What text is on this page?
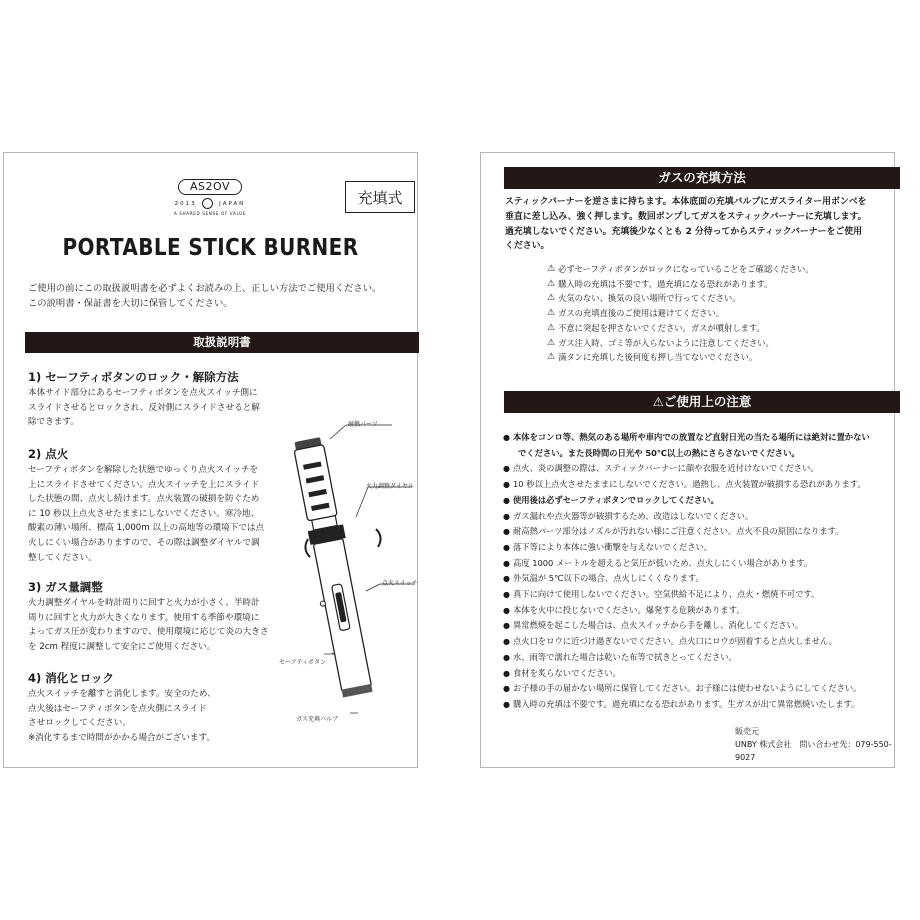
AS2OV
2013	JAPAN
A SHARED SENSE OF VALUE
充填式
PORTABLE STICK BURNER
ご使用の前にこの取扱説明書を必ずよくお読みの上、正しい方法でご使用ください。
この説明書・保証書を大切に保管してください。
取扱説明書
1) セーフティボタンのロック・解除方法
本体サイド部分にあるセーフティボタンを点火スイッチ側に
スライドさせるとロックされ、反対側にスライドさせると解
除できます。
2) 点火
セーフティボタンを解除した状態でゆっくり点火スイッチを
上にスライドさせてください。点火スイッチを上にスライド
した状態の間、点火し続けます。点火装置の破損を防ぐため
に 10 秒以上点火させたままにしないでください。寒冷地、
酸素の薄い場所、標高 1,000m 以上の高地等の環境下では点
火しにくい場合がありますので、その際は調整ダイヤルで調
整してください。
3) ガス量調整
火力調整ダイヤルを時計周りに回すと火力が小さく、半時計
周りに回すと火力が大きくなります。使用する季節や環境に
よってガス圧が変わりますので、使用環境に応じて炎の大きさ
を 2cm 程度に調整して安全にご使用ください。
4) 消化とロック
点火スイッチを離すと消化します。安全のため、
点火後はセーフティボタンを点火側にスライド
させロックしてください。
※消化するまで時間がかかる場合がございます。
耐熱パーツ
火力調整ダイヤル
点火スイッチ
セーフティボタン
ガス充填バルブ
ガスの充填方法
スティックバーナーを逆さまに持ちます。本体底面の充填バルブにガスライター用ボンベを
垂直に差し込み、強く押します。数回ポンプしてガスをスティックバーナーに充填します。
過充填しないでください。充填後少なくとも 2 分待ってからスティックバーナーをご使用
ください。
⚠ 必ずセーフティボタンがロックになっていることをご確認ください。
⚠ 購入時の充填は不要です。過充填になる恐れがあります。
⚠ 火気のない、換気の良い場所で行ってください。
⚠ ガスの充填直後のご使用は避けてください。
⚠ 不意に突起を押さないでください。ガスが噴射します。
⚠ ガス注入時、ゴミ等が入らないように注意してください。
⚠ 満タンに充填した後何度も押し当てないでください。
⚠ご使用上の注意
● 本体をコンロ等、熱気のある場所や車内での放置など直射日光の当たる場所には絶対に置かない
でください。また長時間の日光や 50℃以上の熱にさらさないでください。
● 点火、炎の調整の際は、スティックバーナーに顔や衣服を近付けないでください。
● 10 秒以上点火させたままにしないでください。過熱し、点火装置が破損する恐れがあります。
● 使用後は必ずセーフティボタンでロックしてください。
● ガス漏れや点火器等が破損するため、改造はしないでください。
● 耐高熱パーツ部分はノズルが汚れない様にご注意ください。点火不良の原因になります。
● 落下等により本体に強い衝撃を与えないでください。
● 高度 1000 メートルを超えると気圧が低いため、点火しにくい場合があります。
● 外気温が 5℃以下の場合、点火しにくくなります。
● 真下に向けて使用しないでください。空気供給不足により、点火・燃焼不可です。
● 本体を火中に投じないでください。爆発する危険があります。
● 異常燃焼を起こした場合は、点火スイッチから手を離し、消化してください。
● 点火口をロウに近づけ過ぎないでください。点火口にロウが固着すると点火しません。
● 水、雨等で濡れた場合は乾いた布等で拭きとってください。
● 食材を炙らないでください。
● お子様の手の届かない場所に保管してください。お子様には使わせないようにしてください。
● 購入時の充填は不要です。過充填になる恐れがあります。生ガスが出て異常燃焼いたします。
販売元
UNBY 株式会社　問い合わせ先：079-550-9027
